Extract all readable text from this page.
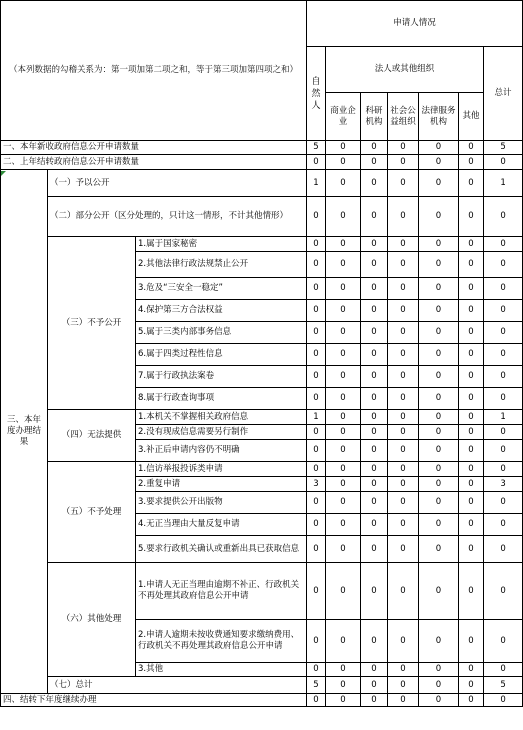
（本列数据的勾稽关系为：第一项加第二项之和，等于第三项加第四项之和）			申请人情况						
			自然人	法人或其他组织					总计
				商业企业	科研机构	社会公益组织	法律服务机构	其他	
一、本年新收政府信息公开申请数量			5	0	0	0	0	0	5
二、上年结转政府信息公开申请数量			0	0	0	0	0	0	0
三、本年度办理结果	（一）予以公开		1	0	0	0	0	0	1
	（二）部分公开（区分处理的，只计这一情形，不计其他情形）		0	0	0	0	0	0	0
	（三）不予公开	1.属于国家秘密	0	0	0	0	0	0	0
		2.其他法律行政法规禁止公开	0	0	0	0	0	0	0
		3.危及“三安全一稳定”	0	0	0	0	0	0	0
		4.保护第三方合法权益	0	0	0	0	0	0	0
		5.属于三类内部事务信息	0	0	0	0	0	0	0
		6.属于四类过程性信息	0	0	0	0	0	0	0
		7.属于行政执法案卷	0	0	0	0	0	0	0
		8.属于行政查询事项	0	0	0	0	0	0	0
	（四）无法提供	1.本机关不掌握相关政府信息	1	0	0	0	0	0	1
		2.没有现成信息需要另行制作	0	0	0	0	0	0	0
		3.补正后申请内容仍不明确	0	0	0	0	0	0	0
	（五）不予处理	1.信访举报投诉类申请	0	0	0	0	0	0	0
		2.重复申请	3	0	0	0	0	0	3
		3.要求提供公开出版物	0	0	0	0	0	0	0
		4.无正当理由大量反复申请	0	0	0	0	0	0	0
		5.要求行政机关确认或重新出具已获取信息	0	0	0	0	0	0	0
	（六）其他处理	1.申请人无正当理由逾期不补正、行政机关不再处理其政府信息公开申请	0	0	0	0	0	0	0
		2.申请人逾期未按收费通知要求缴纳费用、行政机关不再处理其政府信息公开申请	0	0	0	0	0	0	0
		3.其他	0	0	0	0	0	0	0
	（七）总计		5	0	0	0	0	0	5
四、结转下年度继续办理			0	0	0	0	0	0	0
